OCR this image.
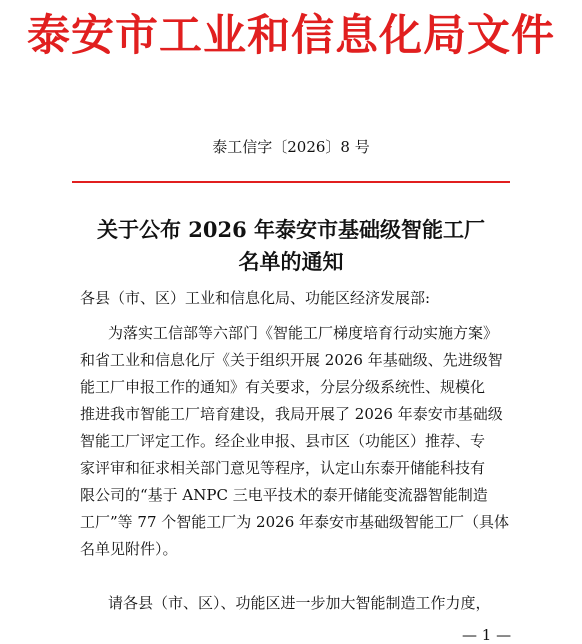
泰安市工业和信息化局文件
泰工信字〔2026〕8 号
关于公布 2026 年泰安市基础级智能工厂
名单的通知
各县（市、区）工业和信息化局、功能区经济发展部:
为落实工信部等六部门《智能工厂梯度培育行动实施方案》
和省工业和信息化厅《关于组织开展 2026 年基础级、先进级智
能工厂申报工作的通知》有关要求，分层分级系统性、规模化
推进我市智能工厂培育建设，我局开展了 2026 年泰安市基础级
智能工厂评定工作。经企业申报、县市区（功能区）推荐、专
家评审和征求相关部门意见等程序，认定山东泰开储能科技有
限公司的“基于 ANPC 三电平技术的泰开储能变流器智能制造
工厂”等 77 个智能工厂为 2026 年泰安市基础级智能工厂（具体
名单见附件）。
请各县（市、区）、功能区进一步加大智能制造工作力度，
— 1 —
